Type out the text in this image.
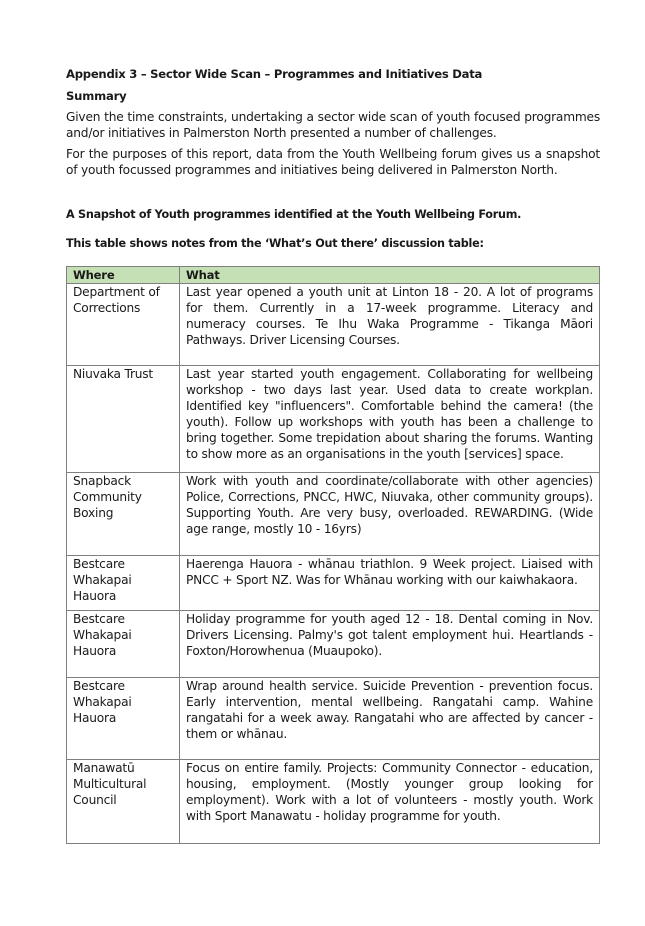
Appendix 3 – Sector Wide Scan – Programmes and Initiatives Data
Summary
Given the time constraints, undertaking a sector wide scan of youth focused programmes and/or initiatives in Palmerston North presented a number of challenges.
For the purposes of this report, data from the Youth Wellbeing forum gives us a snapshot of youth focussed programmes and initiatives being delivered in Palmerston North.
A Snapshot of Youth programmes identified at the Youth Wellbeing Forum.
This table shows notes from the ‘What’s Out there’ discussion table:
Where	What
Department of Corrections	Last year opened a youth unit at Linton 18 - 20. A lot of programs for them. Currently in a 17-week programme. Literacy and numeracy courses. Te Ihu Waka Programme - Tikanga Māori Pathways. Driver Licensing Courses.
Niuvaka Trust	Last year started youth engagement. Collaborating for wellbeing workshop - two days last year. Used data to create workplan. Identified key "influencers". Comfortable behind the camera! (the youth). Follow up workshops with youth has been a challenge to bring together. Some trepidation about sharing the forums. Wanting to show more as an organisations in the youth [services] space.
Snapback Community Boxing	Work with youth and coordinate/collaborate with other agencies) Police, Corrections, PNCC, HWC, Niuvaka, other community groups). Supporting Youth. Are very busy, overloaded. REWARDING. (Wide age range, mostly 10 - 16yrs)
Bestcare Whakapai Hauora	Haerenga Hauora - whānau triathlon. 9 Week project. Liaised with PNCC + Sport NZ. Was for Whānau working with our kaiwhakaora.
Bestcare Whakapai Hauora	Holiday programme for youth aged 12 - 18. Dental coming in Nov. Drivers Licensing. Palmy's got talent employment hui. Heartlands - Foxton/Horowhenua (Muaupoko).
Bestcare Whakapai Hauora	Wrap around health service. Suicide Prevention - prevention focus. Early intervention, mental wellbeing. Rangatahi camp. Wahine rangatahi for a week away. Rangatahi who are affected by cancer - them or whānau.
Manawatū Multicultural Council	Focus on entire family. Projects: Community Connector - education, housing, employment. (Mostly younger group looking for employment). Work with a lot of volunteers - mostly youth. Work with Sport Manawatu - holiday programme for youth.
